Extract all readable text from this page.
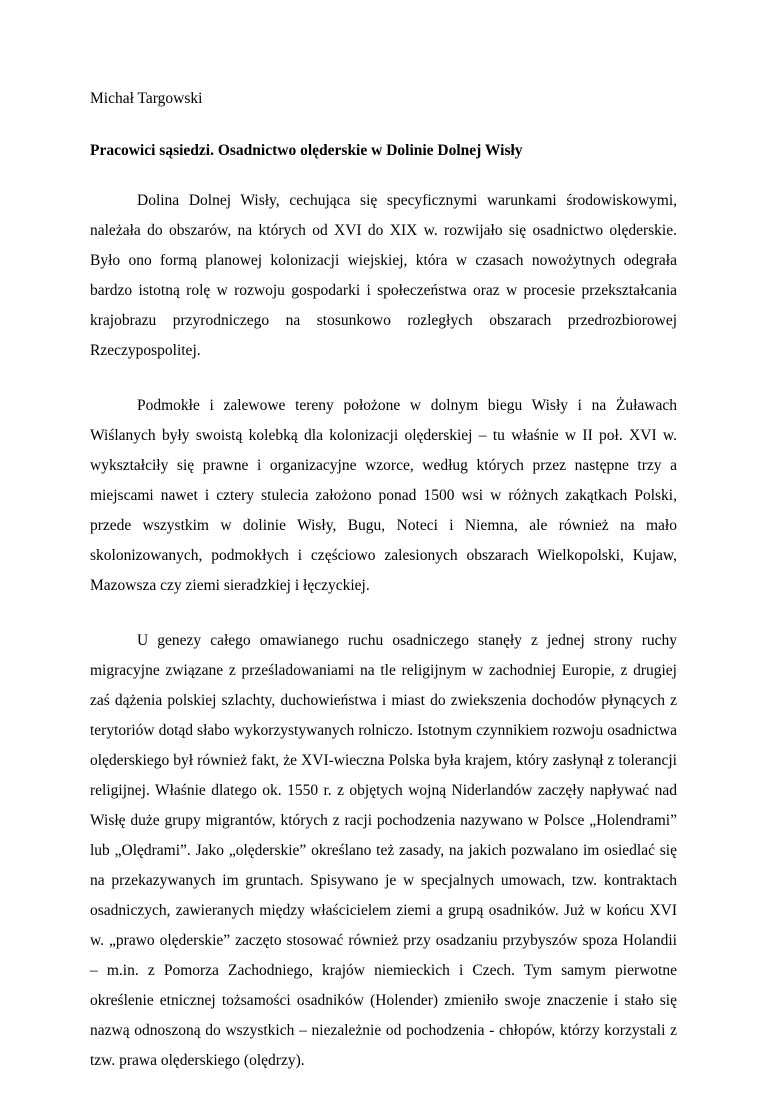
Michał Targowski

Pracowici sąsiedzi. Osadnictwo olęderskie w Dolinie Dolnej Wisły

Dolina Dolnej Wisły, cechująca się specyficznymi warunkami środowiskowymi, należała do obszarów, na których od XVI do XIX w. rozwijało się osadnictwo olęderskie. Było ono formą planowej kolonizacji wiejskiej, która w czasach nowożytnych odegrała bardzo istotną rolę w rozwoju gospodarki i społeczeństwa oraz w procesie przekształcania krajobrazu przyrodniczego na stosunkowo rozległych obszarach przedrozbiorowej Rzeczypospolitej.

Podmokłe i zalewowe tereny położone w dolnym biegu Wisły i na Żuławach Wiślanych były swoistą kolebką dla kolonizacji olęderskiej – tu właśnie w II poł. XVI w. wykształciły się prawne i organizacyjne wzorce, według których przez następne trzy a miejscami nawet i cztery stulecia założono ponad 1500 wsi w różnych zakątkach Polski, przede wszystkim w dolinie Wisły, Bugu, Noteci i Niemna, ale również na mało skolonizowanych, podmokłych i częściowo zalesionych obszarach Wielkopolski, Kujaw, Mazowsza czy ziemi sieradzkiej i łęczyckiej.

U genezy całego omawianego ruchu osadniczego stanęły z jednej strony ruchy migracyjne związane z prześladowaniami na tle religijnym w zachodniej Europie, z drugiej zaś dążenia polskiej szlachty, duchowieństwa i miast do zwiekszenia dochodów płynących z terytoriów dotąd słabo wykorzystywanych rolniczo. Istotnym czynnikiem rozwoju osadnictwa olęderskiego był również fakt, że XVI-wieczna Polska była krajem, który zasłynął z tolerancji religijnej. Właśnie dlatego ok. 1550 r. z objętych wojną Niderlandów zaczęły napływać nad Wisłę duże grupy migrantów, których z racji pochodzenia nazywano w Polsce „Holendrami” lub „Olędrami”. Jako „olęderskie” określano też zasady, na jakich pozwalano im osiedlać się na przekazywanych im gruntach. Spisywano je w specjalnych umowach, tzw. kontraktach osadniczych, zawieranych między właścicielem ziemi a grupą osadników. Już w końcu XVI w. „prawo olęderskie” zaczęto stosować również przy osadzaniu przybyszów spoza Holandii – m.in. z Pomorza Zachodniego, krajów niemieckich i Czech. Tym samym pierwotne określenie etnicznej tożsamości osadników (Holender) zmieniło swoje znaczenie i stało się nazwą odnoszoną do wszystkich – niezależnie od pochodzenia - chłopów, którzy korzystali z tzw. prawa olęderskiego (olędrzy).
